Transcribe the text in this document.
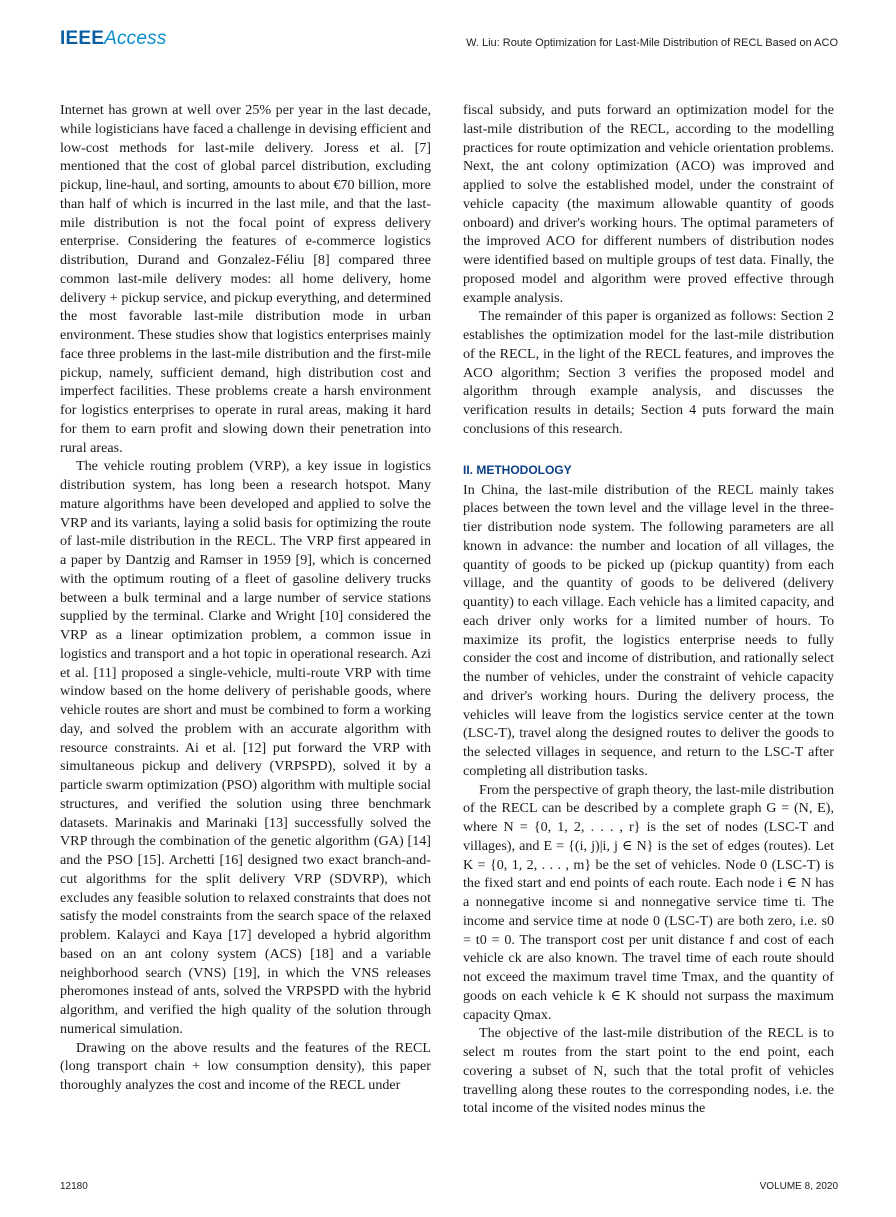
IEEEAccess	W. Liu: Route Optimization for Last-Mile Distribution of RECL Based on ACO

Internet has grown at well over 25% per year in the last decade, while logisticians have faced a challenge in devising efficient and low-cost methods for last-mile delivery. Joress et al. [7] mentioned that the cost of global parcel distribution, excluding pickup, line-haul, and sorting, amounts to about €70 billion, more than half of which is incurred in the last mile, and that the last-mile distribution is not the focal point of express delivery enterprise. Considering the features of e-commerce logistics distribution, Durand and Gonzalez-Féliu [8] compared three common last-mile delivery modes: all home delivery, home delivery + pickup service, and pickup everything, and determined the most favorable last-mile distribution mode in urban environment. These studies show that logistics enterprises mainly face three problems in the last-mile distribution and the first-mile pickup, namely, sufficient demand, high distribution cost and imperfect facilities. These problems create a harsh environment for logistics enterprises to operate in rural areas, making it hard for them to earn profit and slowing down their penetration into rural areas.

The vehicle routing problem (VRP), a key issue in logistics distribution system, has long been a research hotspot. Many mature algorithms have been developed and applied to solve the VRP and its variants, laying a solid basis for optimizing the route of last-mile distribution in the RECL. The VRP first appeared in a paper by Dantzig and Ramser in 1959 [9], which is concerned with the optimum routing of a fleet of gasoline delivery trucks between a bulk terminal and a large number of service stations supplied by the terminal. Clarke and Wright [10] considered the VRP as a linear optimization problem, a common issue in logistics and transport and a hot topic in operational research. Azi et al. [11] proposed a single-vehicle, multi-route VRP with time window based on the home delivery of perishable goods, where vehicle routes are short and must be combined to form a working day, and solved the problem with an accurate algorithm with resource constraints. Ai et al. [12] put forward the VRP with simultaneous pickup and delivery (VRPSPD), solved it by a particle swarm optimization (PSO) algorithm with multiple social structures, and verified the solution using three benchmark datasets. Marinakis and Marinaki [13] successfully solved the VRP through the combination of the genetic algorithm (GA) [14] and the PSO [15]. Archetti [16] designed two exact branch-and-cut algorithms for the split delivery VRP (SDVRP), which excludes any feasible solution to relaxed constraints that does not satisfy the model constraints from the search space of the relaxed problem. Kalayci and Kaya [17] developed a hybrid algorithm based on an ant colony system (ACS) [18] and a variable neighborhood search (VNS) [19], in which the VNS releases pheromones instead of ants, solved the VRPSPD with the hybrid algorithm, and verified the high quality of the solution through numerical simulation.

Drawing on the above results and the features of the RECL (long transport chain + low consumption density), this paper thoroughly analyzes the cost and income of the RECL under

fiscal subsidy, and puts forward an optimization model for the last-mile distribution of the RECL, according to the modelling practices for route optimization and vehicle orientation problems. Next, the ant colony optimization (ACO) was improved and applied to solve the established model, under the constraint of vehicle capacity (the maximum allowable quantity of goods onboard) and driver's working hours. The optimal parameters of the improved ACO for different numbers of distribution nodes were identified based on multiple groups of test data. Finally, the proposed model and algorithm were proved effective through example analysis.

The remainder of this paper is organized as follows: Section 2 establishes the optimization model for the last-mile distribution of the RECL, in the light of the RECL features, and improves the ACO algorithm; Section 3 verifies the proposed model and algorithm through example analysis, and discusses the verification results in details; Section 4 puts forward the main conclusions of this research.

II. METHODOLOGY

In China, the last-mile distribution of the RECL mainly takes places between the town level and the village level in the three-tier distribution node system. The following parameters are all known in advance: the number and location of all villages, the quantity of goods to be picked up (pickup quantity) from each village, and the quantity of goods to be delivered (delivery quantity) to each village. Each vehicle has a limited capacity, and each driver only works for a limited number of hours. To maximize its profit, the logistics enterprise needs to fully consider the cost and income of distribution, and rationally select the number of vehicles, under the constraint of vehicle capacity and driver's working hours. During the delivery process, the vehicles will leave from the logistics service center at the town (LSC-T), travel along the designed routes to deliver the goods to the selected villages in sequence, and return to the LSC-T after completing all distribution tasks.

From the perspective of graph theory, the last-mile distribution of the RECL can be described by a complete graph G = (N, E), where N = {0, 1, 2, . . . , r} is the set of nodes (LSC-T and villages), and E = {(i, j)|i, j ∈ N} is the set of edges (routes). Let K = {0, 1, 2, . . . , m} be the set of vehicles. Node 0 (LSC-T) is the fixed start and end points of each route. Each node i ∈ N has a nonnegative income si and nonnegative service time ti. The income and service time at node 0 (LSC-T) are both zero, i.e. s0 = t0 = 0. The transport cost per unit distance f and cost of each vehicle ck are also known. The travel time of each route should not exceed the maximum travel time Tmax, and the quantity of goods on each vehicle k ∈ K should not surpass the maximum capacity Qmax.

The objective of the last-mile distribution of the RECL is to select m routes from the start point to the end point, each covering a subset of N, such that the total profit of vehicles travelling along these routes to the corresponding nodes, i.e. the total income of the visited nodes minus the

12180	VOLUME 8, 2020
